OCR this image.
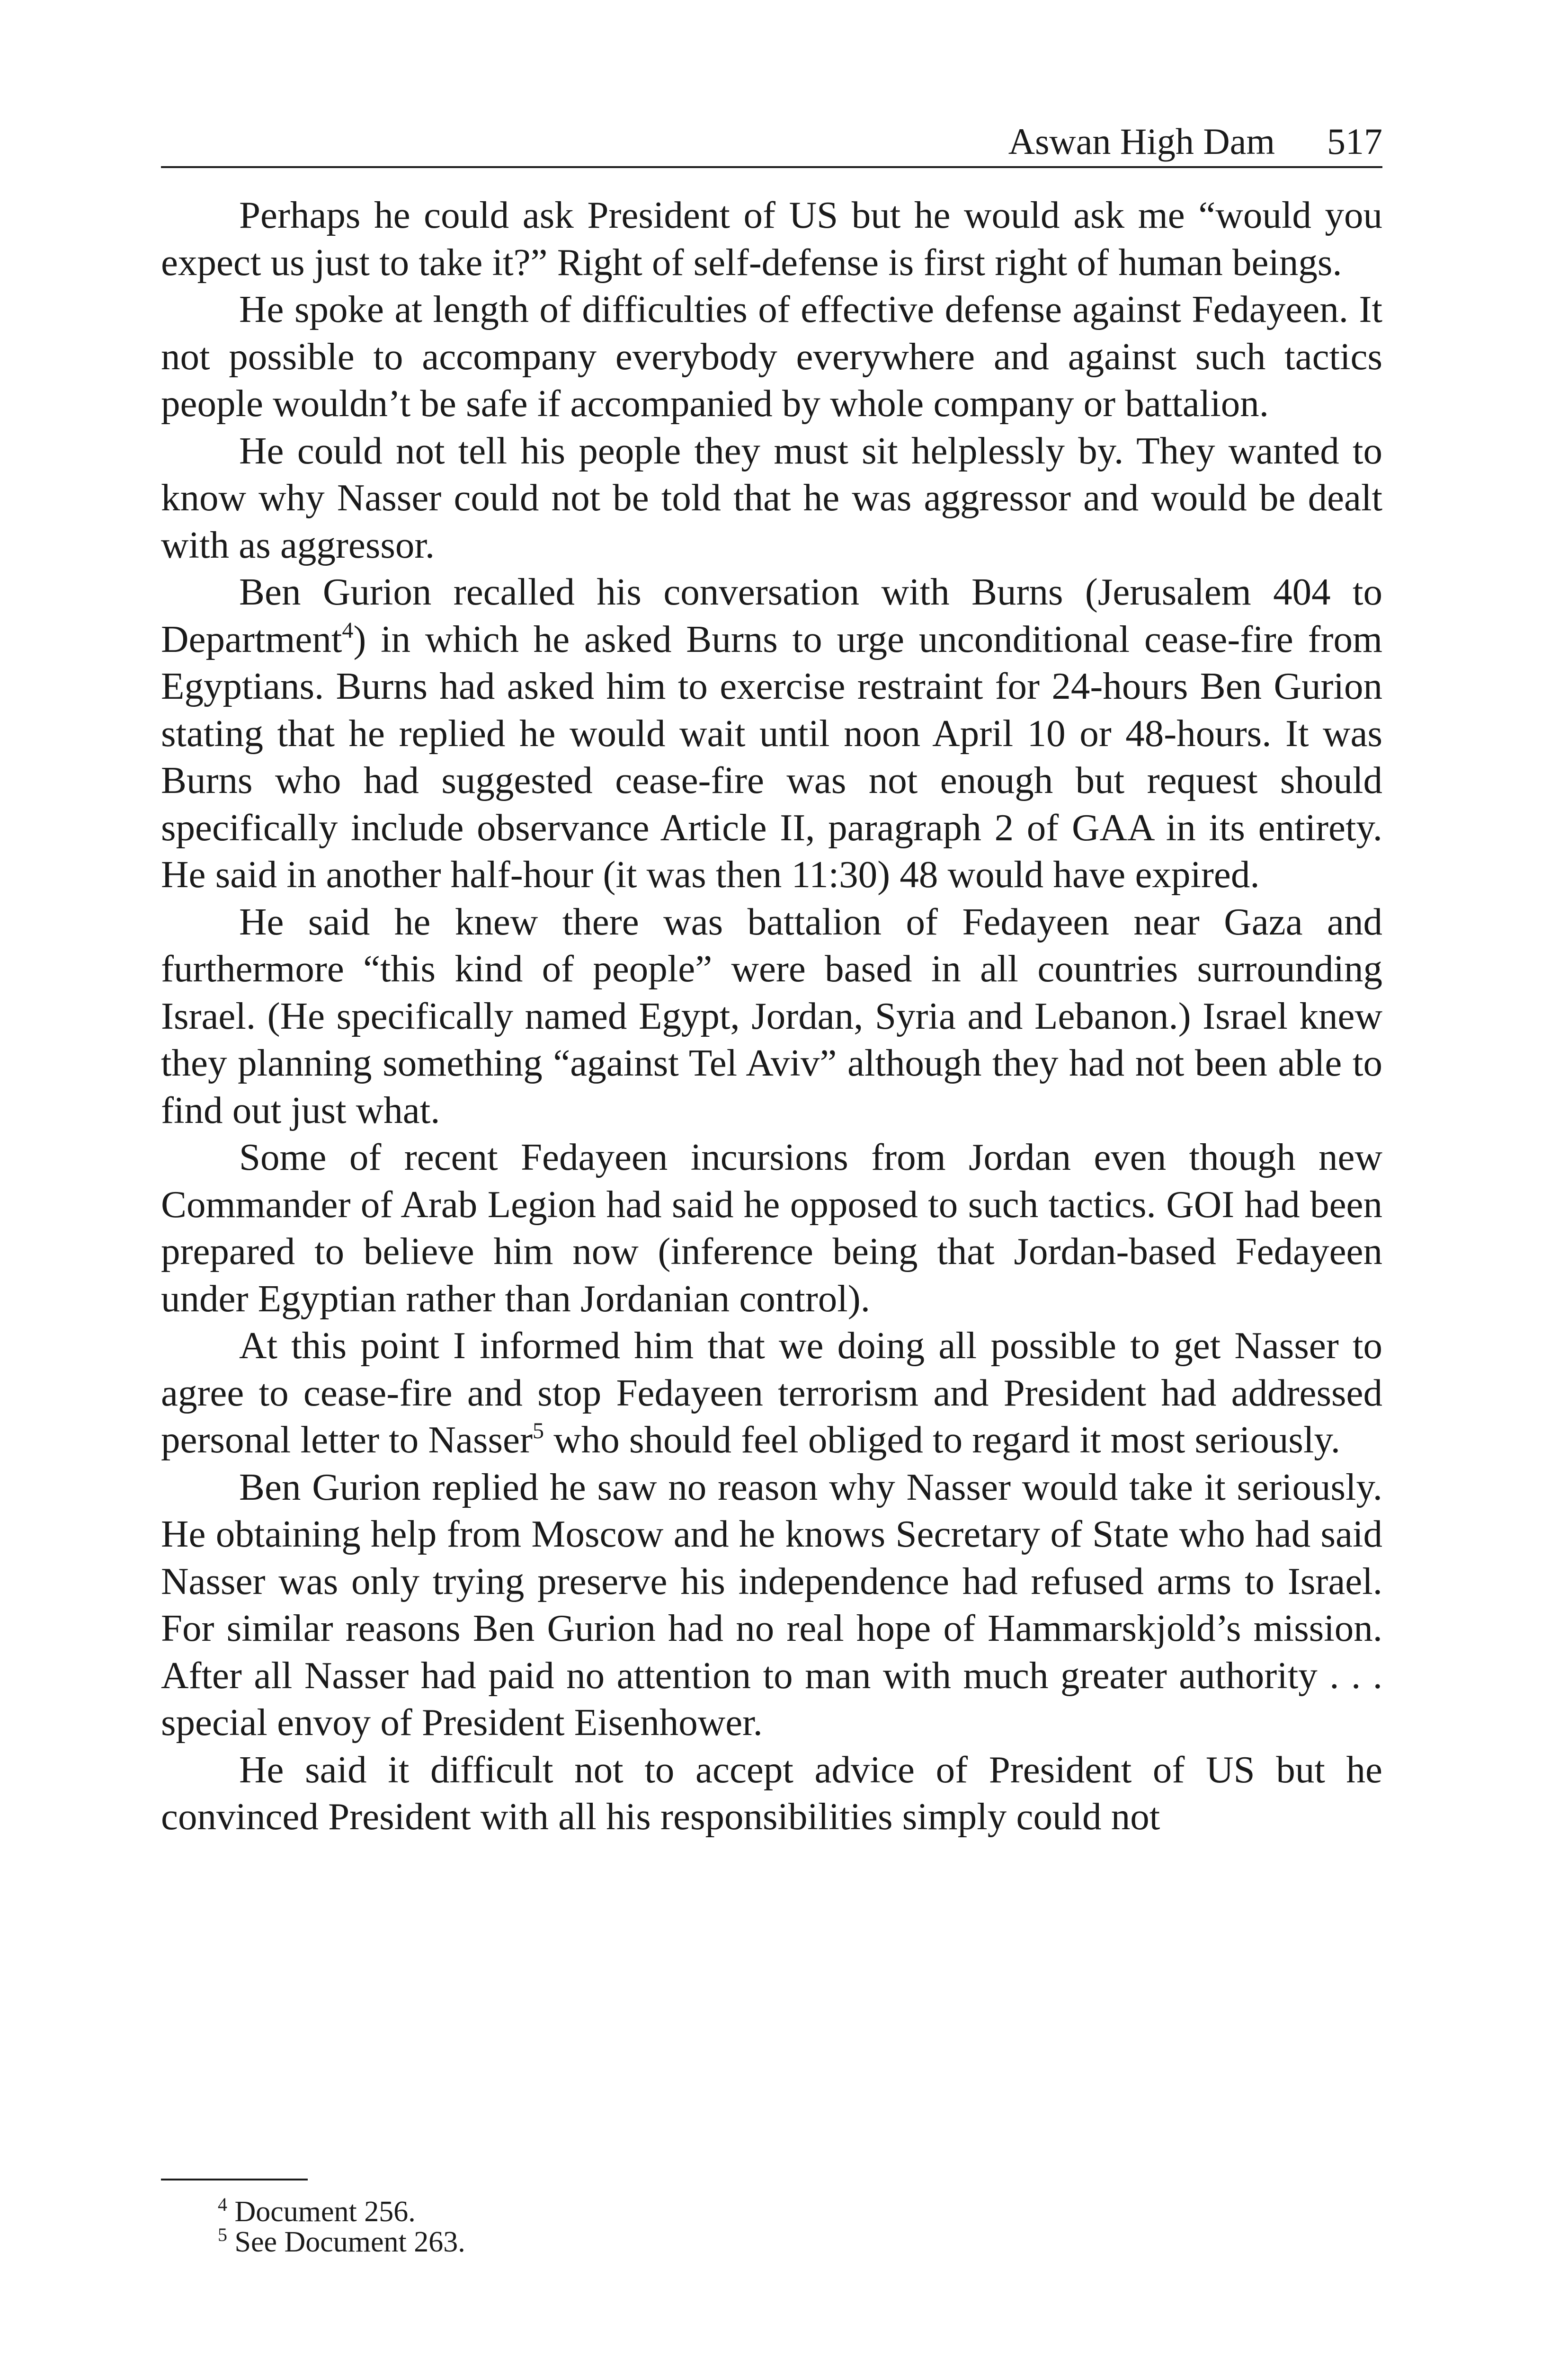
Aswan High Dam 517

Perhaps he could ask President of US but he would ask me “would you expect us just to take it?” Right of self-defense is first right of human beings.

He spoke at length of difficulties of effective defense against Fedayeen. It not possible to accompany everybody everywhere and against such tactics people wouldn’t be safe if accompanied by whole company or battalion.

He could not tell his people they must sit helplessly by. They wanted to know why Nasser could not be told that he was aggressor and would be dealt with as aggressor.

Ben Gurion recalled his conversation with Burns (Jerusalem 404 to Department$^4$) in which he asked Burns to urge unconditional cease-fire from Egyptians. Burns had asked him to exercise restraint for 24-hours Ben Gurion stating that he replied he would wait until noon April 10 or 48-hours. It was Burns who had suggested cease-fire was not enough but request should specifically include observance Article II, paragraph 2 of GAA in its entirety. He said in another half-hour (it was then 11:30) 48 would have expired.

He said he knew there was battalion of Fedayeen near Gaza and furthermore “this kind of people” were based in all countries surrounding Israel. (He specifically named Egypt, Jordan, Syria and Lebanon.) Israel knew they planning something “against Tel Aviv” although they had not been able to find out just what.

Some of recent Fedayeen incursions from Jordan even though new Commander of Arab Legion had said he opposed to such tactics. GOI had been prepared to believe him now (inference being that Jordan-based Fedayeen under Egyptian rather than Jordanian control).

At this point I informed him that we doing all possible to get Nasser to agree to cease-fire and stop Fedayeen terrorism and President had addressed personal letter to Nasser$^5$ who should feel obliged to regard it most seriously.

Ben Gurion replied he saw no reason why Nasser would take it seriously. He obtaining help from Moscow and he knows Secretary of State who had said Nasser was only trying preserve his independence had refused arms to Israel. For similar reasons Ben Gurion had no real hope of Hammarskjold’s mission. After all Nasser had paid no attention to man with much greater authority . . . special envoy of President Eisenhower.

He said it difficult not to accept advice of President of US but he convinced President with all his responsibilities simply could not

$^4$ Document 256.
$^5$ See Document 263.
